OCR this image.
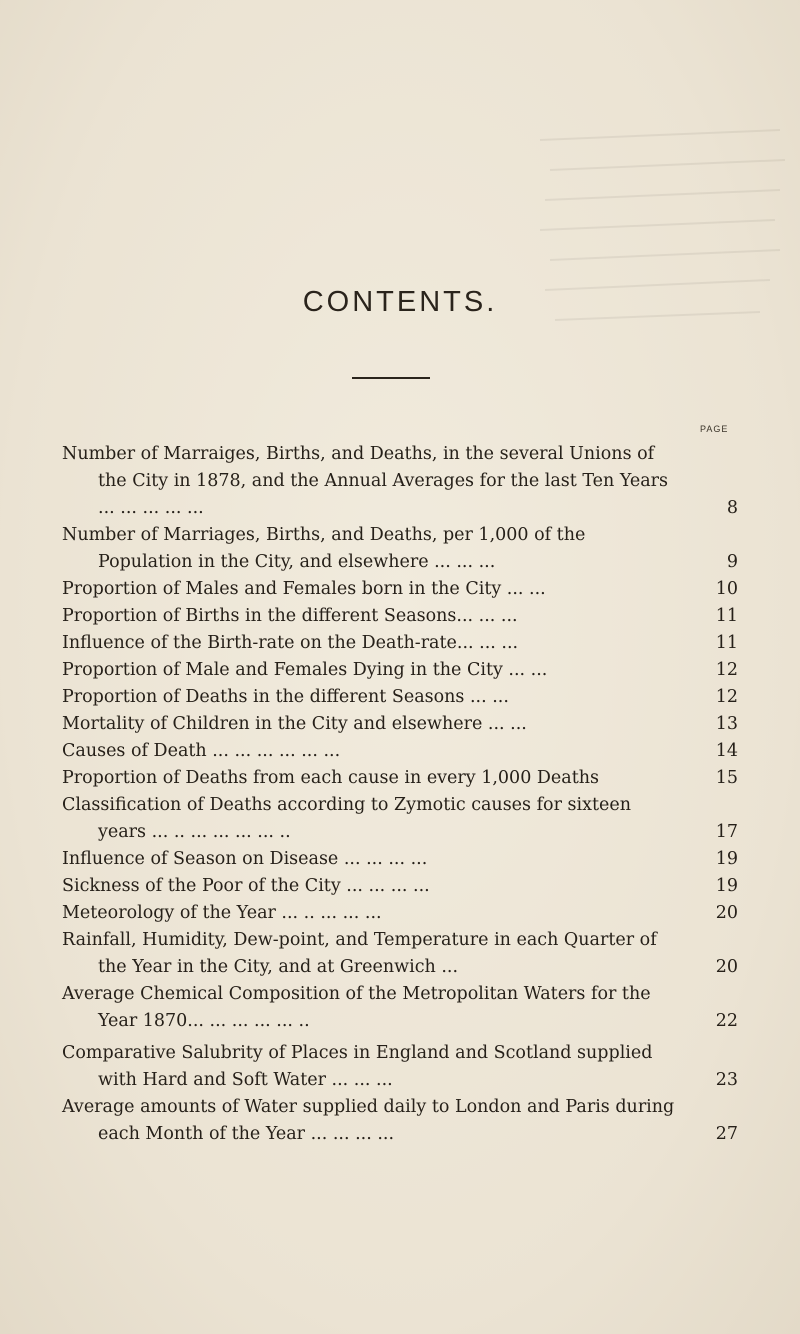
CONTENTS.
PAGE
Number of Marraiges, Births, and Deaths, in the several Unions of the City in 1878, and the Annual Averages for the last Ten Years ... ... ... ... ...	8
Number of Marriages, Births, and Deaths, per 1,000 of the Population in the City, and elsewhere ... ... ...	9
Proportion of Males and Females born in the City ... ...	10
Proportion of Births in the different Seasons... ... ...	11
Influence of the Birth-rate on the Death-rate... ... ...	11
Proportion of Male and Females Dying in the City ... ...	12
Proportion of Deaths in the different Seasons ... ...	12
Mortality of Children in the City and elsewhere ... ...	13
Causes of Death ... ... ... ... ... ...	14
Proportion of Deaths from each cause in every 1,000 Deaths	15
Classification of Deaths according to Zymotic causes for sixteen years ... .. ... ... ... ... ..	17
Influence of Season on Disease ... ... ... ...	19
Sickness of the Poor of the City ... ... ... ...	19
Meteorology of the Year ... .. ... ... ...	20
Rainfall, Humidity, Dew-point, and Temperature in each Quarter of the Year in the City, and at Greenwich ...	20
Average Chemical Composition of the Metropolitan Waters for the Year 1870... ... ... ... ... ..	22
Comparative Salubrity of Places in England and Scotland supplied with Hard and Soft Water ... ... ...	23
Average amounts of Water supplied daily to London and Paris during each Month of the Year ... ... ... ...	27
